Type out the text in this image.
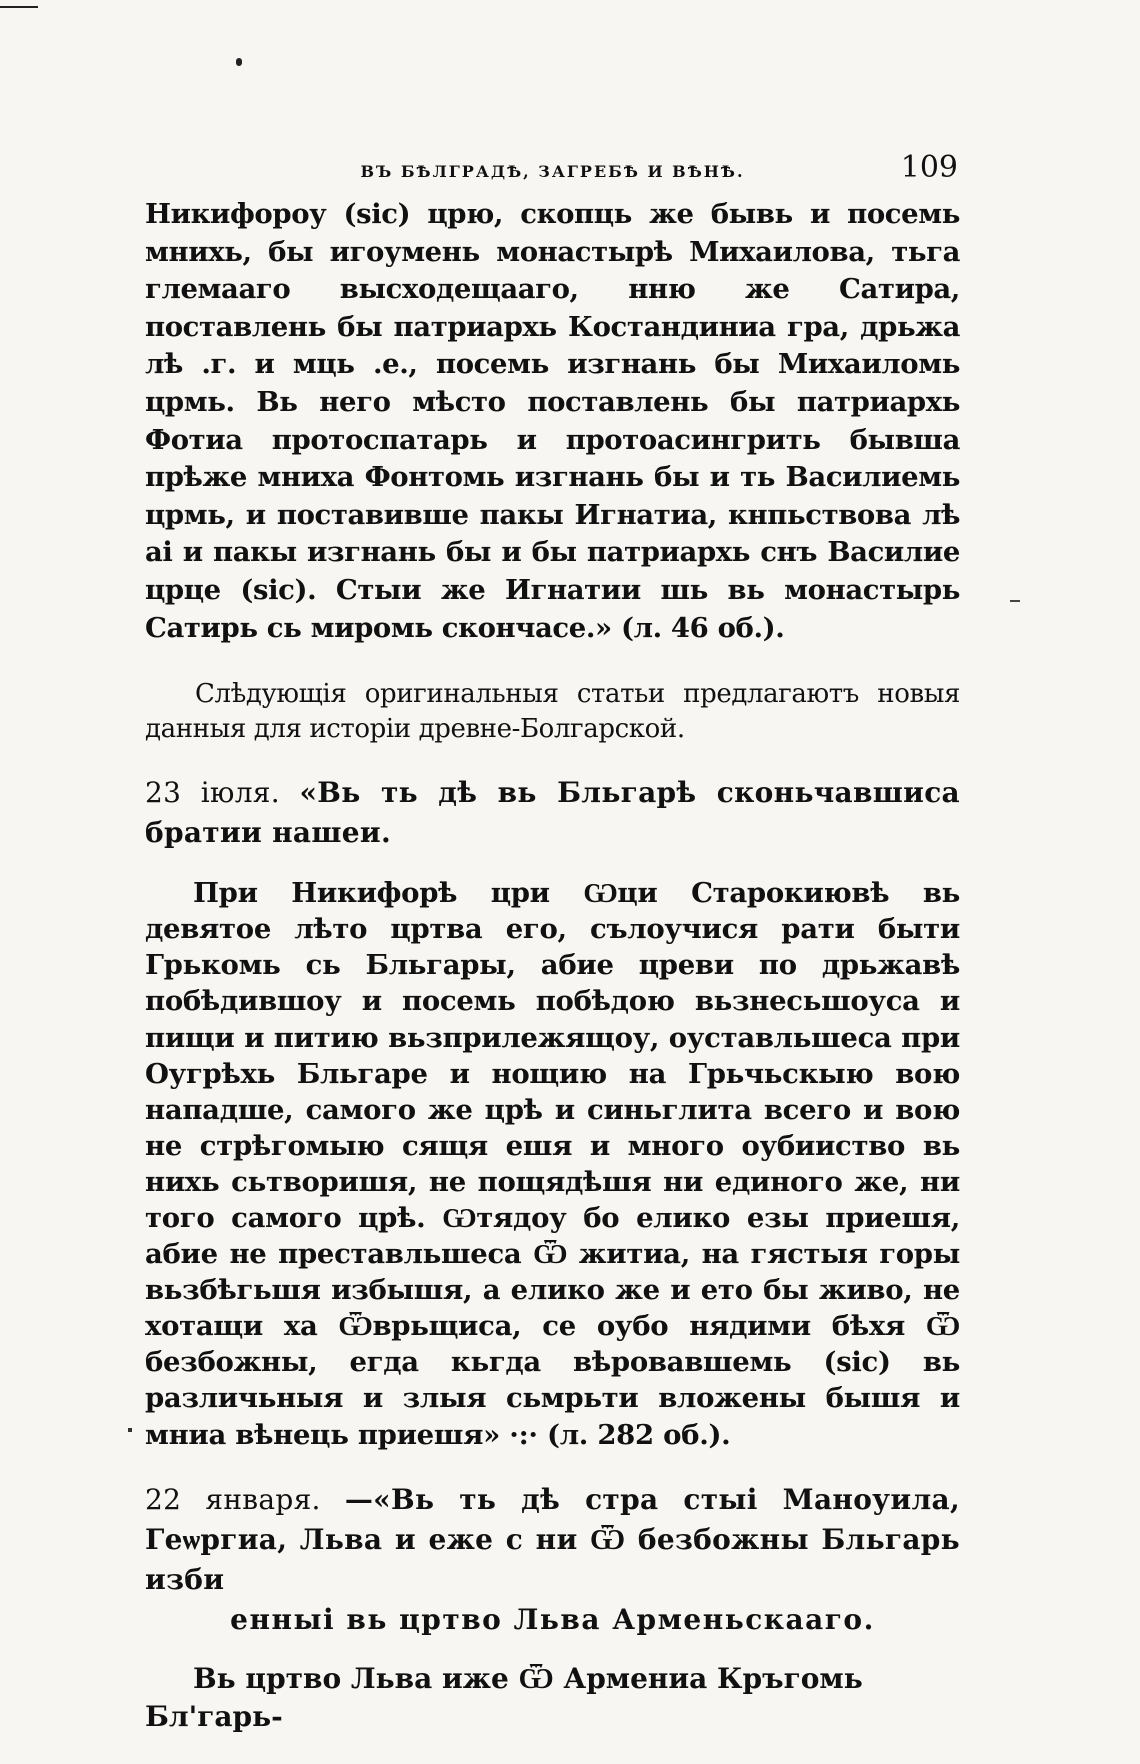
ВЪ БѢЛГРАДѢ, ЗАГРЕБѢ И ВѢНѢ.	109

Никифороу (sic) црю, скопць же бывь и посемь мнихь, бы игоумень монастырѣ Михаилова, тьга глемааго высходещааго, нню же Сатира, поставлень бы патриархь Костандиниа гра, дрьжа лѣ .г. и мць .е., посемь изгнань бы Михаиломь црмь. Вь него мѣсто поставлень бы патриархь Фотиа протоспатарь и протоасингрить бывша прѣже мниха Фонтомь изгнань бы и ть Василиемь црмь, и поставивше пакы Игнатиа, кнпьствова лѣ аі и пакы изгнань бы и бы патриархь снъ Василие црце (sic). Стыи же Игнатии шь вь монастырь Сатирь сь миромь скончасе.» (л. 46 об.).

Слѣдующія оригинальныя статьи предлагаютъ новыя данныя для исторіи древне-Болгарской.

23 іюля. «Вь ть дѣ вь Бльгарѣ сконьчавшиса братии нашеи.

При Никифорѣ цри Ѡци Старокиювѣ вь девятое лѣто цртва его, сълоучися рати быти Грькомь сь Бльгары, абие цреви по дрьжавѣ побѣдившоу и посемь побѣдою вьзнесьшоуса и пищи и питию вьзприлежящоу, оуставльшеса при Оугрѣхь Бльгаре и нощию на Грьчьскыю вою нападше, самого же црѣ и синьглита всего и вою не стрѣгомыю сящя ешя и много оубииство вь нихь сьтворишя, не пощядѣшя ни единого же, ни того самого црѣ. Ѡтядоу бо елико езы приешя, абие не преставльшеса Ѿ житиа, на гястыя горы вьзбѣгьшя избышя, а елико же и ето бы живо, не хотащи ха Ѿврьщиса, се оубо нядими бѣхя Ѿ безбожны, егда кьгда вѣровавшемь (sic) вь различьныя и злыя сьмрьти вложены бышя и мниа вѣнець приешя» ·:· (л. 282 об.).

22 января. —«Вь ть дѣ стра стыі Маноуила, Геѡргиа, Льва и еже с ни Ѿ безбожны Бльгарь изби
енныі вь цртво Льва Арменьскааго.

Вь цртво Льва иже Ѿ Армениа Кръгомь Бл'гарь-
